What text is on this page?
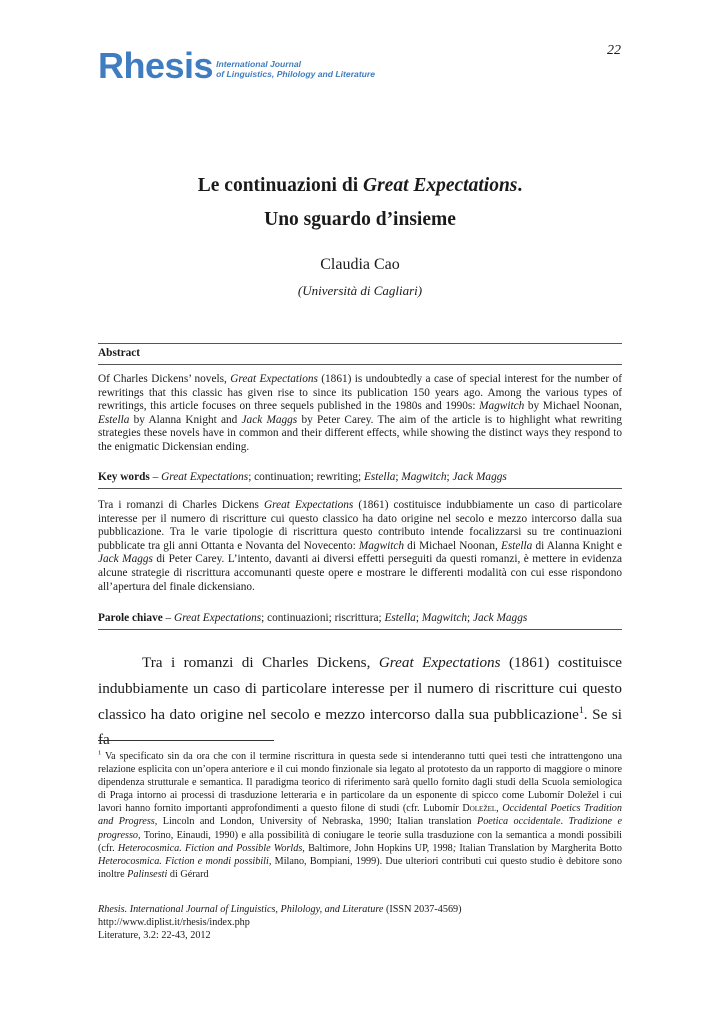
22
Rhesis International Journal
of Linguistics, Philology and Literature
Le continuazioni di Great Expectations.
Uno sguardo d’insieme
Claudia Cao
(Università di Cagliari)
Abstract
Of Charles Dickens’ novels, Great Expectations (1861) is undoubtedly a case of special interest for the number of rewritings that this classic has given rise to since its publication 150 years ago. Among the various types of rewritings, this article focuses on three sequels published in the 1980s and 1990s: Magwitch by Michael Noonan, Estella by Alanna Knight and Jack Maggs by Peter Carey. The aim of the article is to highlight what rewriting strategies these novels have in common and their different effects, while showing the distinct ways they respond to the enigmatic Dickensian ending.
Key words – Great Expectations; continuation; rewriting; Estella; Magwitch; Jack Maggs
Tra i romanzi di Charles Dickens Great Expectations (1861) costituisce indubbiamente un caso di particolare interesse per il numero di riscritture cui questo classico ha dato origine nel secolo e mezzo intercorso dalla sua pubblicazione. Tra le varie tipologie di riscrittura questo contributo intende focalizzarsi su tre continuazioni pubblicate tra gli anni Ottanta e Novanta del Novecento: Magwitch di Michael Noonan, Estella di Alanna Knight e Jack Maggs di Peter Carey. L’intento, davanti ai diversi effetti perseguiti da questi romanzi, è mettere in evidenza alcune strategie di riscrittura accomunanti queste opere e mostrare le differenti modalità con cui esse rispondono all’apertura del finale dickensiano.
Parole chiave – Great Expectations; continuazioni; riscrittura; Estella; Magwitch; Jack Maggs
Tra i romanzi di Charles Dickens, Great Expectations (1861) costituisce indubbiamente un caso di particolare interesse per il numero di riscritture cui questo classico ha dato origine nel secolo e mezzo intercorso dalla sua pubblicazione$^1$. Se si fa
$^1$ Va specificato sin da ora che con il termine riscrittura in questa sede si intenderanno tutti quei testi che intrattengono una relazione esplicita con un’opera anteriore e il cui mondo finzionale sia legato al prototesto da un rapporto di maggiore o minore dipendenza strutturale e semantica. Il paradigma teorico di riferimento sarà quello fornito dagli studi della Scuola semiologica di Praga intorno ai processi di trasduzione letteraria e in particolare da un esponente di spicco come Lubomír Doležel i cui lavori hanno fornito importanti approfondimenti a questo filone di studi (cfr. Lubomír Doležel, Occidental Poetics Tradition and Progress, Lincoln and London, University of Nebraska, 1990; Italian translation Poetica occidentale. Tradizione e progresso, Torino, Einaudi, 1990) e alla possibilità di coniugare le teorie sulla trasduzione con la semantica a mondi possibili (cfr. Heterocosmica. Fiction and Possible Worlds, Baltimore, John Hopkins UP, 1998; Italian Translation by Margherita Botto Heterocosmica. Fiction e mondi possibili, Milano, Bompiani, 1999). Due ulteriori contributi cui questo studio è debitore sono inoltre Palinsesti di Gérard
Rhesis. International Journal of Linguistics, Philology, and Literature (ISSN 2037-4569)
http://www.diplist.it/rhesis/index.php
Literature, 3.2: 22-43, 2012
